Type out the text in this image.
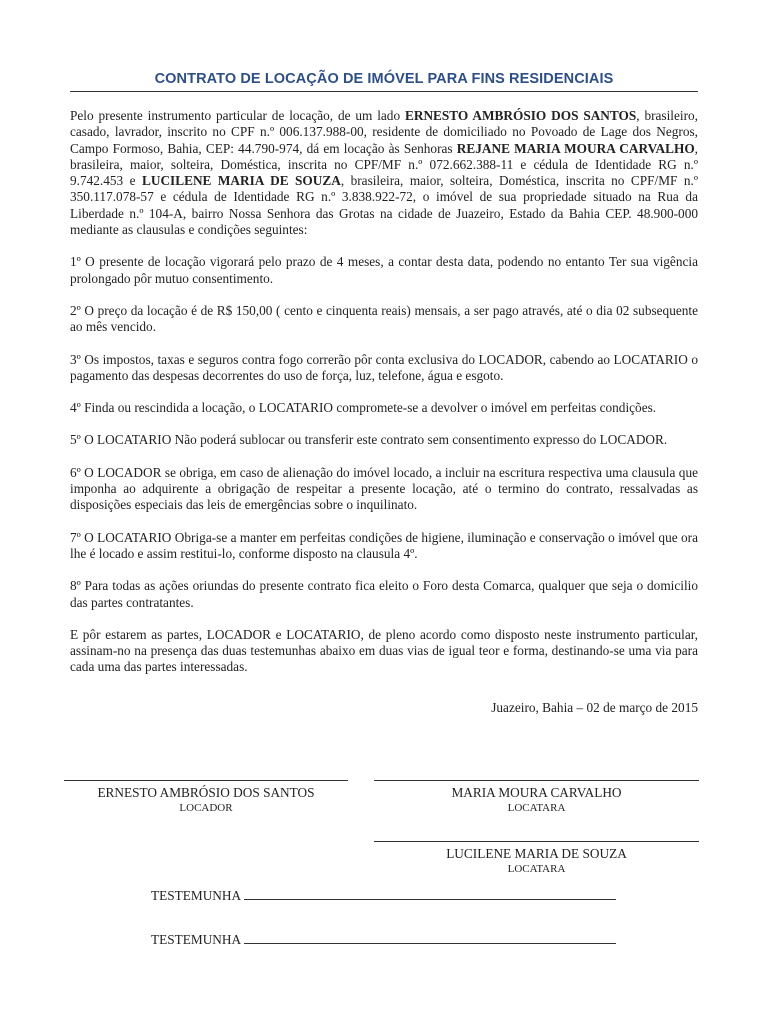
CONTRATO DE LOCAÇÃO DE IMÓVEL PARA FINS RESIDENCIAIS

Pelo presente instrumento particular de locação, de um lado ERNESTO AMBRÓSIO DOS SANTOS, brasileiro, casado, lavrador, inscrito no CPF n.º 006.137.988-00, residente de domiciliado no Povoado de Lage dos Negros, Campo Formoso, Bahia, CEP: 44.790-974, dá em locação às Senhoras REJANE MARIA MOURA CARVALHO, brasileira, maior, solteira, Doméstica, inscrita no CPF/MF n.º 072.662.388-11 e cédula de Identidade RG n.º 9.742.453 e LUCILENE MARIA DE SOUZA, brasileira, maior, solteira, Doméstica, inscrita no CPF/MF n.º 350.117.078-57 e cédula de Identidade RG n.º 3.838.922-72, o imóvel de sua propriedade situado na Rua da Liberdade n.º 104-A, bairro Nossa Senhora das Grotas na cidade de Juazeiro, Estado da Bahia CEP. 48.900-000 mediante as clausulas e condições seguintes:

1º O presente de locação vigorará pelo prazo de 4 meses, a contar desta data, podendo no entanto Ter sua vigência prolongado pôr mutuo consentimento.

2º O preço da locação é de R$ 150,00 ( cento e cinquenta reais) mensais, a ser pago através, até o dia 02 subsequente ao mês vencido.

3º Os impostos, taxas e seguros contra fogo correrão pôr conta exclusiva do LOCADOR, cabendo ao LOCATARIO o pagamento das despesas decorrentes do uso de força, luz, telefone, água e esgoto.

4º Finda ou rescindida a locação, o LOCATARIO compromete-se a devolver o imóvel em perfeitas condições.

5º O LOCATARIO Não poderá sublocar ou transferir este contrato sem consentimento expresso do LOCADOR.

6º O LOCADOR se obriga, em caso de alienação do imóvel locado, a incluir na escritura respectiva uma clausula que imponha ao adquirente a obrigação de respeitar a presente locação, até o termino do contrato, ressalvadas as disposições especiais das leis de emergências sobre o inquilinato.

7º O LOCATARIO Obriga-se a manter em perfeitas condições de higiene, iluminação e conservação o imóvel que ora lhe é locado e assim restitui-lo, conforme disposto na clausula 4º.

8º Para todas as ações oriundas do presente contrato fica eleito o Foro desta Comarca, qualquer que seja o domicilio das partes contratantes.

E pôr estarem as partes, LOCADOR e LOCATARIO, de pleno acordo como disposto neste instrumento particular, assinam-no na presença das duas testemunhas abaixo em duas vias de igual teor e forma, destinando-se uma via para cada uma das partes interessadas.

Juazeiro, Bahia – 02 de março de 2015
ERNESTO AMBRÓSIO DOS SANTOS
LOCADOR
MARIA MOURA CARVALHO
LOCATARA
LUCILENE MARIA DE SOUZA
LOCATARA
TESTEMUNHA
TESTEMUNHA
